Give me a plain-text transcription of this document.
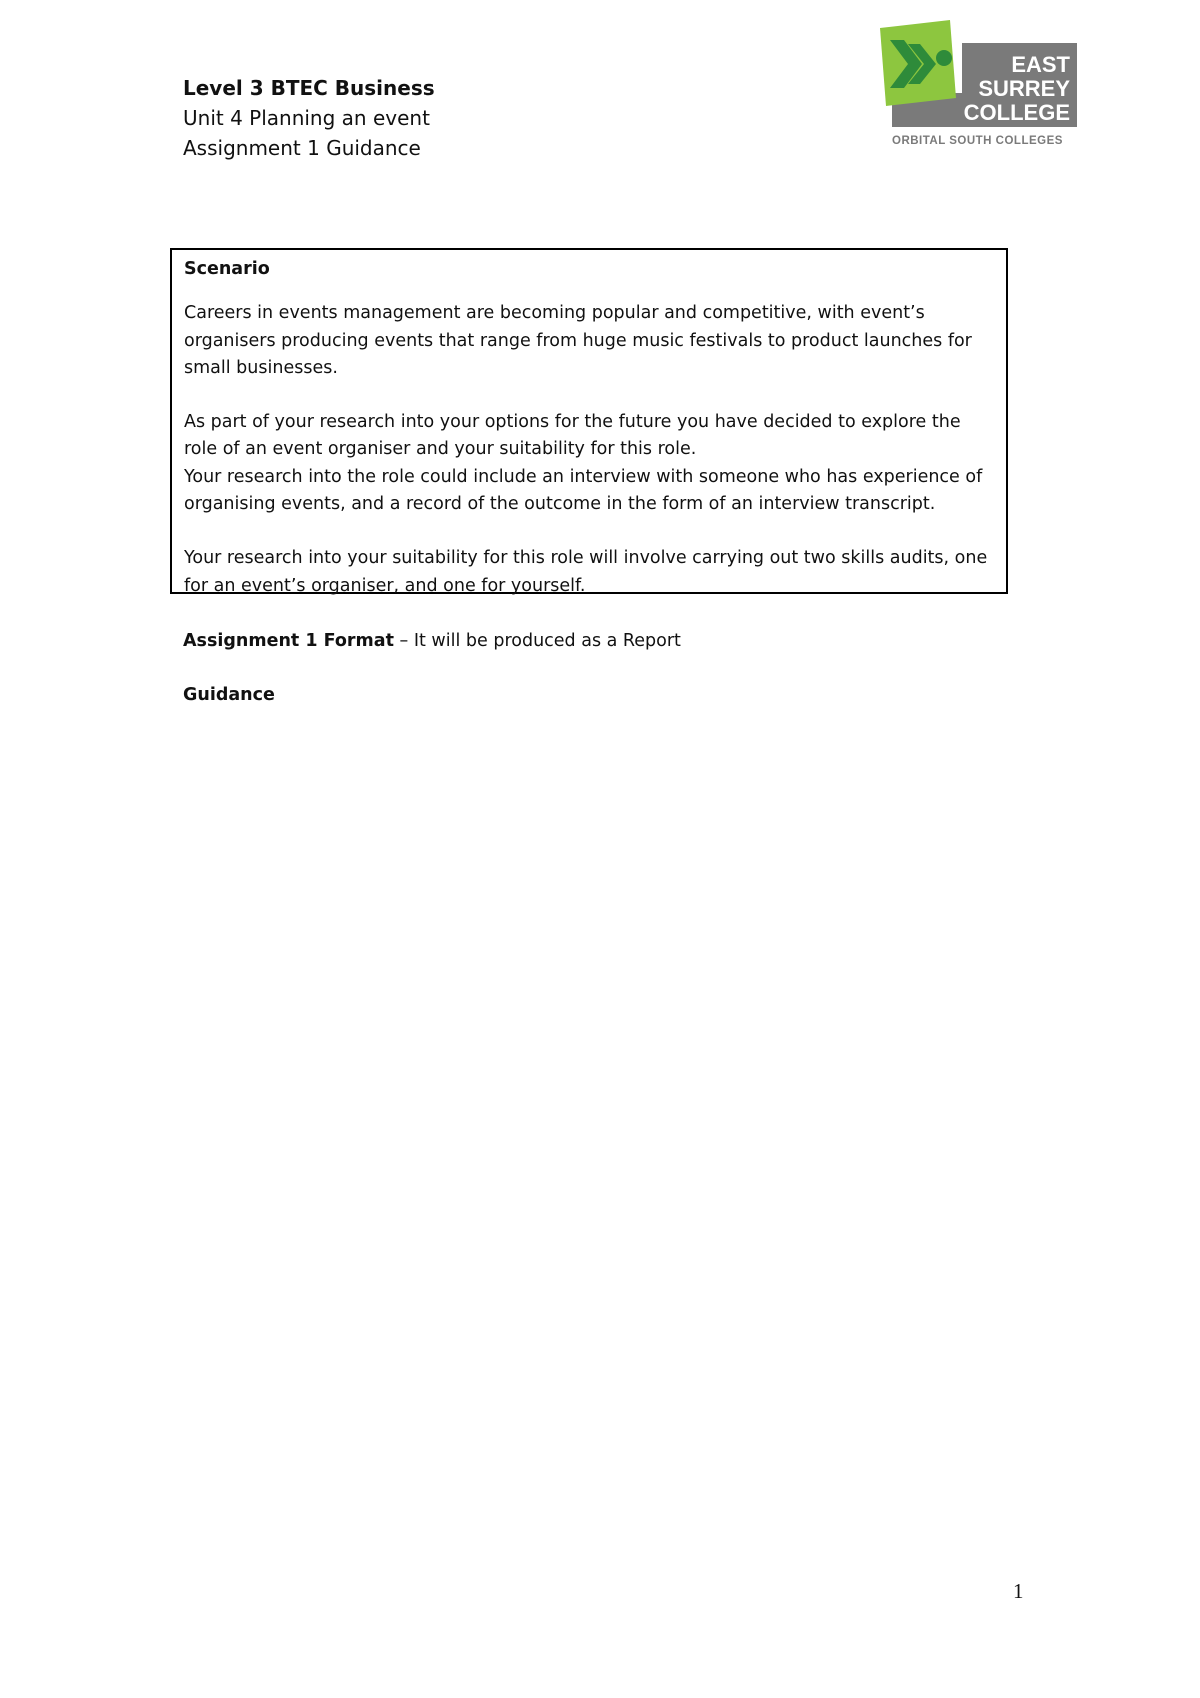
Level 3 BTEC Business
Unit 4 Planning an event
Assignment 1 Guidance
EAST
SURREY
COLLEGE
ORBITAL SOUTH COLLEGES

Scenario

Careers in events management are becoming popular and competitive, with event’s organisers producing events that range from huge music festivals to product launches for small businesses.

As part of your research into your options for the future you have decided to explore the role of an event organiser and your suitability for this role.

Your research into the role could include an interview with someone who has experience of organising events, and a record of the outcome in the form of an interview transcript.

Your research into your suitability for this role will involve carrying out two skills audits, one for an event’s organiser, and one for yourself.

Assignment 1 Format – It will be produced as a Report
Guidance
1
